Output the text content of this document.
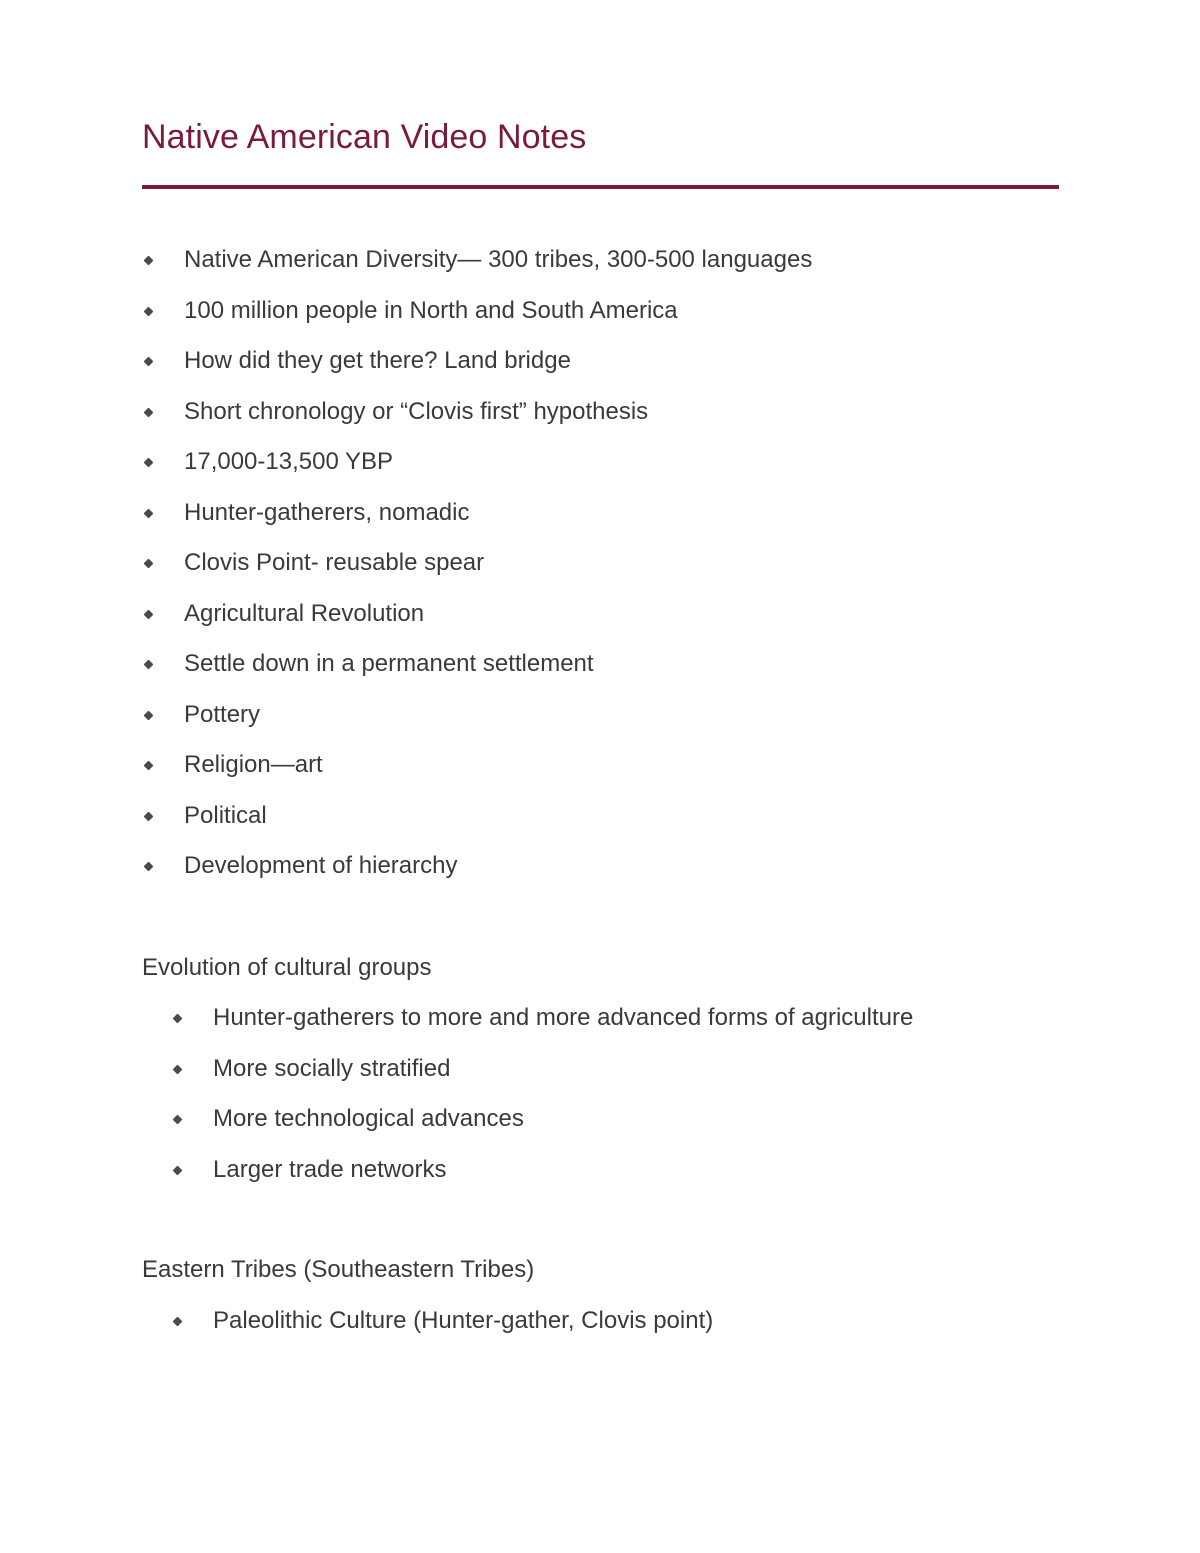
Native American Video Notes
Native American Diversity— 300 tribes, 300-500 languages
100 million people in North and South America
How did they get there? Land bridge
Short chronology or “Clovis first” hypothesis
17,000-13,500 YBP
Hunter-gatherers, nomadic
Clovis Point- reusable spear
Agricultural Revolution
Settle down in a permanent settlement
Pottery
Religion—art
Political
Development of hierarchy
Evolution of cultural groups
Hunter-gatherers to more and more advanced forms of agriculture
More socially stratified
More technological advances
Larger trade networks
Eastern Tribes (Southeastern Tribes)
Paleolithic Culture (Hunter-gather, Clovis point)
